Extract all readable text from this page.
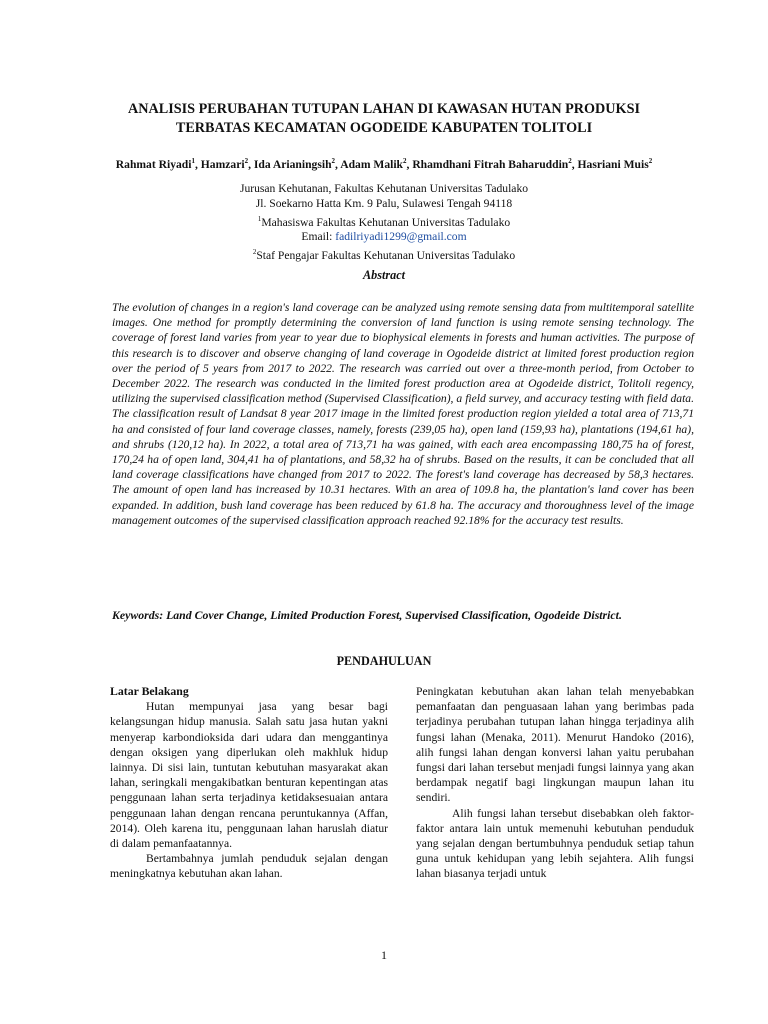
ANALISIS PERUBAHAN TUTUPAN LAHAN DI KAWASAN HUTAN PRODUKSI
TERBATAS KECAMATAN OGODEIDE KABUPATEN TOLITOLI
Rahmat Riyadi$^1$, Hamzari$^2$, Ida Arianingsih$^2$, Adam Malik$^2$, Rhamdhani Fitrah Baharuddin$^2$, Hasriani Muis$^2$
Jurusan Kehutanan, Fakultas Kehutanan Universitas Tadulako
Jl. Soekarno Hatta Km. 9 Palu, Sulawesi Tengah 94118
$^1$Mahasiswa Fakultas Kehutanan Universitas Tadulako
Email: fadilriyadi1299@gmail.com
$^2$Staf Pengajar Fakultas Kehutanan Universitas Tadulako
Abstract
The evolution of changes in a region's land coverage can be analyzed using remote sensing data from multitemporal satellite images. One method for promptly determining the conversion of land function is using remote sensing technology. The coverage of forest land varies from year to year due to biophysical elements in forests and human activities. The purpose of this research is to discover and observe changing of land coverage in Ogodeide district at limited forest production region over the period of 5 years from 2017 to 2022. The research was carried out over a three-month period, from October to December 2022. The research was conducted in the limited forest production area at Ogodeide district, Tolitoli regency, utilizing the supervised classification method (Supervised Classification), a field survey, and accuracy testing with field data. The classification result of Landsat 8 year 2017 image in the limited forest production region yielded a total area of 713,71 ha and consisted of four land coverage classes, namely, forests (239,05 ha), open land (159,93 ha), plantations (194,61 ha), and shrubs (120,12 ha). In 2022, a total area of 713,71 ha was gained, with each area encompassing 180,75 ha of forest, 170,24 ha of open land, 304,41 ha of plantations, and 58,32 ha of shrubs. Based on the results, it can be concluded that all land coverage classifications have changed from 2017 to 2022. The forest's land coverage has decreased by 58,3 hectares. The amount of open land has increased by 10.31 hectares. With an area of 109.8 ha, the plantation's land cover has been expanded. In addition, bush land coverage has been reduced by 61.8 ha. The accuracy and thoroughness level of the image management outcomes of the supervised classification approach reached 92.18% for the accuracy test results.
Keywords: Land Cover Change, Limited Production Forest, Supervised Classification, Ogodeide District.
PENDAHULUAN

Latar Belakang

Hutan mempunyai jasa yang besar bagi kelangsungan hidup manusia. Salah satu jasa hutan yakni menyerap karbondioksida dari udara dan menggantinya dengan oksigen yang diperlukan oleh makhluk hidup lainnya. Di sisi lain, tuntutan kebutuhan masyarakat akan lahan, seringkali mengakibatkan benturan kepentingan atas penggunaan lahan serta terjadinya ketidaksesuaian antara penggunaan lahan dengan rencana peruntukannya (Affan, 2014). Oleh karena itu, penggunaan lahan haruslah diatur di dalam pemanfaatannya.

Bertambahnya jumlah penduduk sejalan dengan meningkatnya kebutuhan akan lahan.

Peningkatan kebutuhan akan lahan telah menyebabkan pemanfaatan dan penguasaan lahan yang berimbas pada terjadinya perubahan tutupan lahan hingga terjadinya alih fungsi lahan (Menaka, 2011). Menurut Handoko (2016), alih fungsi lahan dengan konversi lahan yaitu perubahan fungsi dari lahan tersebut menjadi fungsi lainnya yang akan berdampak negatif bagi lingkungan maupun lahan itu sendiri.

Alih fungsi lahan tersebut disebabkan oleh faktor-faktor antara lain untuk memenuhi kebutuhan penduduk yang sejalan dengan bertumbuhnya penduduk setiap tahun guna untuk kehidupan yang lebih sejahtera. Alih fungsi lahan biasanya terjadi untuk

1
